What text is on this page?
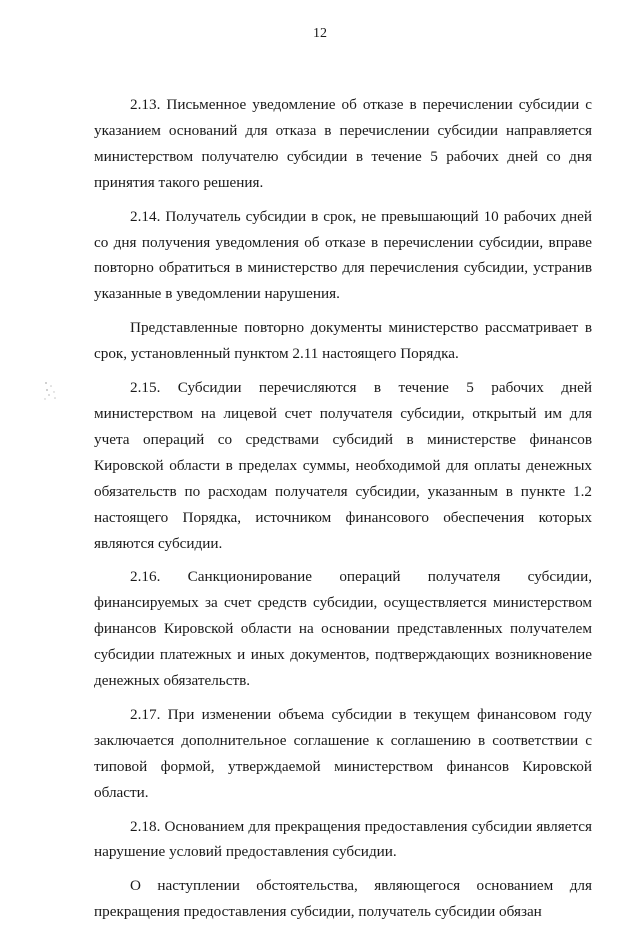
12

2.13. Письменное уведомление об отказе в перечислении субсидии с указанием оснований для отказа в перечислении субсидии направляется министерством получателю субсидии в течение 5 рабочих дней со дня принятия такого решения.

2.14. Получатель субсидии в срок, не превышающий 10 рабочих дней со дня получения уведомления об отказе в перечислении субсидии, вправе повторно обратиться в министерство для перечисления субсидии, устранив указанные в уведомлении нарушения.

Представленные повторно документы министерство рассматривает в срок, установленный пунктом 2.11 настоящего Порядка.

2.15. Субсидии перечисляются в течение 5 рабочих дней министерством на лицевой счет получателя субсидии, открытый им для учета операций со средствами субсидий в министерстве финансов Кировской области в пределах суммы, необходимой для оплаты денежных обязательств по расходам получателя субсидии, указанным в пункте 1.2 настоящего Порядка, источником финансового обеспечения которых являются субсидии.

2.16. Санкционирование операций получателя субсидии, финансируемых за счет средств субсидии, осуществляется министерством финансов Кировской области на основании представленных получателем субсидии платежных и иных документов, подтверждающих возникновение денежных обязательств.

2.17. При изменении объема субсидии в текущем финансовом году заключается дополнительное соглашение к соглашению в соответствии с типовой формой, утверждаемой министерством финансов Кировской области.

2.18. Основанием для прекращения предоставления субсидии является нарушение условий предоставления субсидии.

О наступлении обстоятельства, являющегося основанием для прекращения предоставления субсидии, получатель субсидии обязан
